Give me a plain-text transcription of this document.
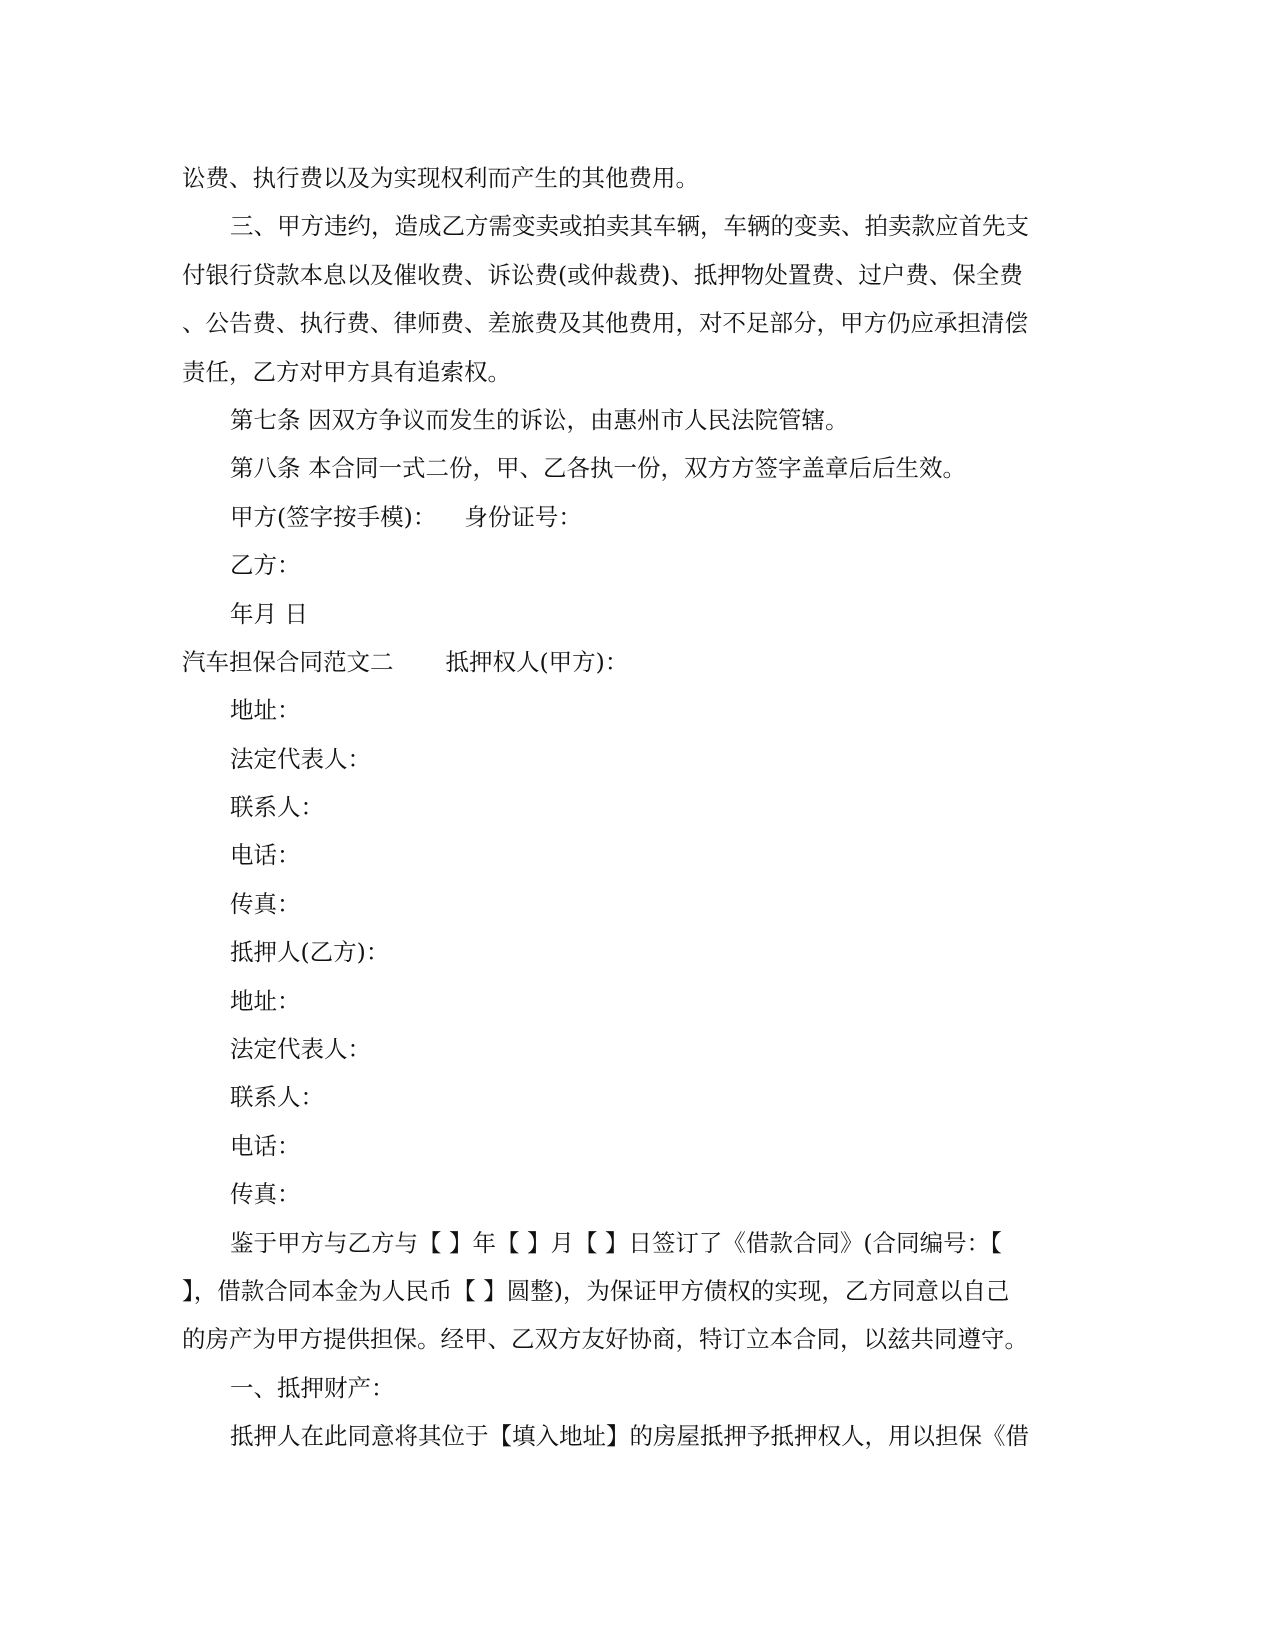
讼费、执行费以及为实现权利而产生的其他费用。
三、甲方违约，造成乙方需变卖或拍卖其车辆，车辆的变卖、拍卖款应首先支
付银行贷款本息以及催收费、诉讼费(或仲裁费)、抵押物处置费、过户费、保全费
、公告费、执行费、律师费、差旅费及其他费用，对不足部分，甲方仍应承担清偿
责任，乙方对甲方具有追索权。
第七条 因双方争议而发生的诉讼，由惠州市人民法院管辖。
第八条 本合同一式二份，甲、乙各执一份，双方方签字盖章后后生效。
甲方(签字按手模)： 身份证号：
乙方：
年月 日
汽车担保合同范文二 抵押权人(甲方)：
地址：
法定代表人：
联系人：
电话：
传真：
抵押人(乙方)：
地址：
法定代表人：
联系人：
电话：
传真：
鉴于甲方与乙方与【 】年【 】月【 】日签订了《借款合同》(合同编号：【
】，借款合同本金为人民币【 】圆整)，为保证甲方债权的实现，乙方同意以自己
的房产为甲方提供担保。经甲、乙双方友好协商，特订立本合同，以兹共同遵守。
一、抵押财产：
抵押人在此同意将其位于【填入地址】的房屋抵押予抵押权人，用以担保《借
